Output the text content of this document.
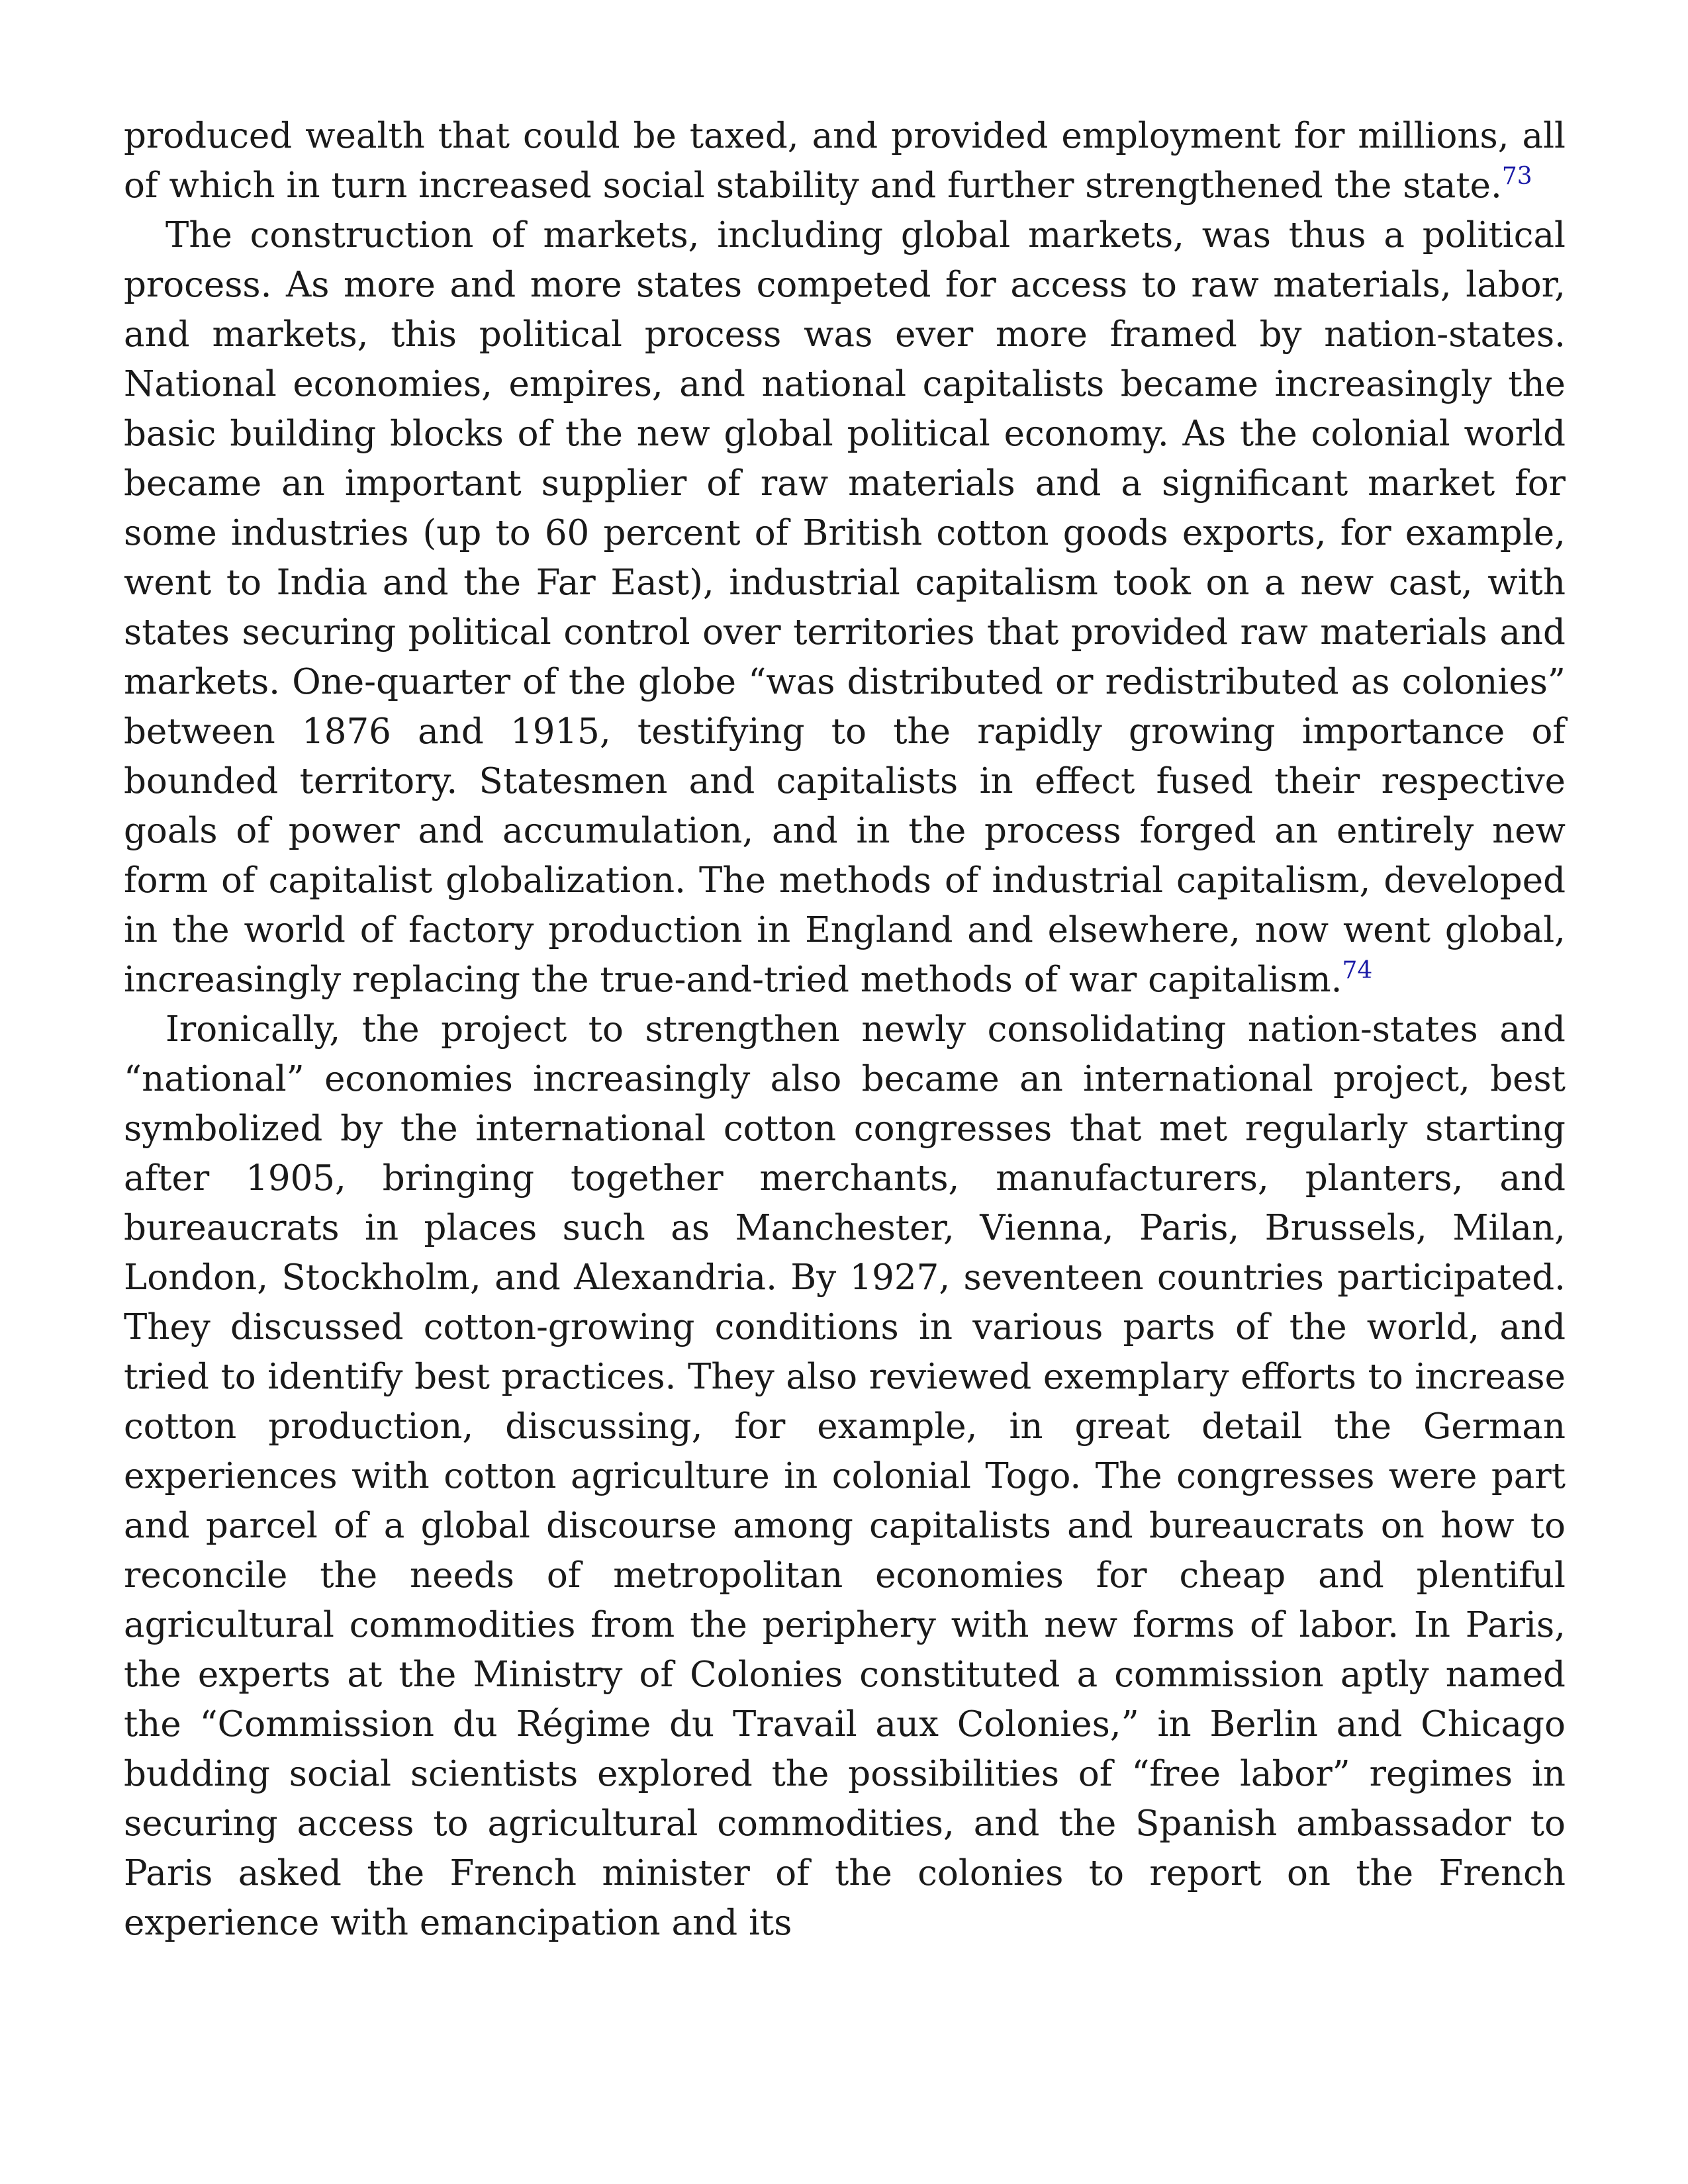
produced wealth that could be taxed, and provided employment for millions, all of which in turn increased social stability and further strengthened the state.$^{73}$

The construction of markets, including global markets, was thus a political process. As more and more states competed for access to raw materials, labor, and markets, this political process was ever more framed by nation-states. National economies, empires, and national capitalists became increasingly the basic building blocks of the new global political economy. As the colonial world became an important supplier of raw materials and a significant market for some industries (up to 60 percent of British cotton goods exports, for example, went to India and the Far East), industrial capitalism took on a new cast, with states securing political control over territories that provided raw materials and markets. One-quarter of the globe “was distributed or redistributed as colonies” between 1876 and 1915, testifying to the rapidly growing importance of bounded territory. Statesmen and capitalists in effect fused their respective goals of power and accumulation, and in the process forged an entirely new form of capitalist globalization. The methods of industrial capitalism, developed in the world of factory production in England and elsewhere, now went global, increasingly replacing the true-and-tried methods of war capitalism.$^{74}$

Ironically, the project to strengthen newly consolidating nation-states and “national” economies increasingly also became an international project, best symbolized by the international cotton congresses that met regularly starting after 1905, bringing together merchants, manufacturers, planters, and bureaucrats in places such as Manchester, Vienna, Paris, Brussels, Milan, London, Stockholm, and Alexandria. By 1927, seventeen countries participated. They discussed cotton-growing conditions in various parts of the world, and tried to identify best practices. They also reviewed exemplary efforts to increase cotton production, discussing, for example, in great detail the German experiences with cotton agriculture in colonial Togo. The congresses were part and parcel of a global discourse among capitalists and bureaucrats on how to reconcile the needs of metropolitan economies for cheap and plentiful agricultural commodities from the periphery with new forms of labor. In Paris, the experts at the Ministry of Colonies constituted a commission aptly named the “Commission du Régime du Travail aux Colonies,” in Berlin and Chicago budding social scientists explored the possibilities of “free labor” regimes in securing access to agricultural commodities, and the Spanish ambassador to Paris asked the French minister of the colonies to report on the French experience with emancipation and its
